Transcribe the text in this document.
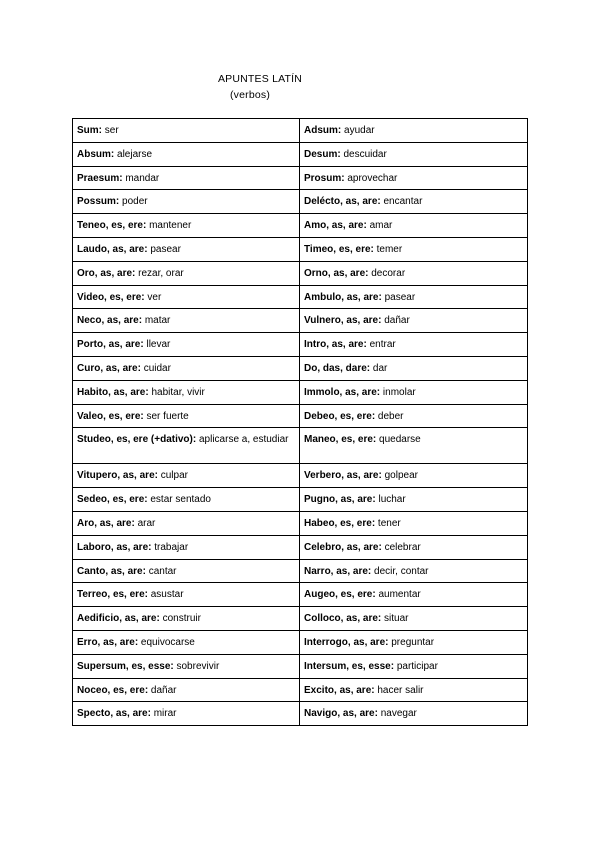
APUNTES LATÍN
(verbos)
Sum: ser	Adsum: ayudar
Absum: alejarse	Desum: descuidar
Praesum: mandar	Prosum: aprovechar
Possum: poder	Delécto, as, are: encantar
Teneo, es, ere: mantener	Amo, as, are: amar
Laudo, as, are: pasear	Timeo, es, ere: temer
Oro, as, are: rezar, orar	Orno, as, are: decorar
Video, es, ere: ver	Ambulo, as, are: pasear
Neco, as, are: matar	Vulnero, as, are: dañar
Porto, as, are: llevar	Intro, as, are: entrar
Curo, as, are: cuidar	Do, das, dare: dar
Habito, as, are: habitar, vivir	Immolo, as, are: inmolar
Valeo, es, ere: ser fuerte	Debeo, es, ere: deber
Studeo, es, ere (+dativo): aplicarse a, estudiar	Maneo, es, ere: quedarse
Vitupero, as, are: culpar	Verbero, as, are: golpear
Sedeo, es, ere: estar sentado	Pugno, as, are: luchar
Aro, as, are: arar	Habeo, es, ere: tener
Laboro, as, are: trabajar	Celebro, as, are: celebrar
Canto, as, are: cantar	Narro, as, are: decir, contar
Terreo, es, ere: asustar	Augeo, es, ere: aumentar
Aedificio, as, are: construir	Colloco, as, are: situar
Erro, as, are: equivocarse	Interrogo, as, are: preguntar
Supersum, es, esse: sobrevivir	Intersum, es, esse: participar
Noceo, es, ere: dañar	Excito, as, are: hacer salir
Specto, as, are: mirar	Navigo, as, are: navegar
